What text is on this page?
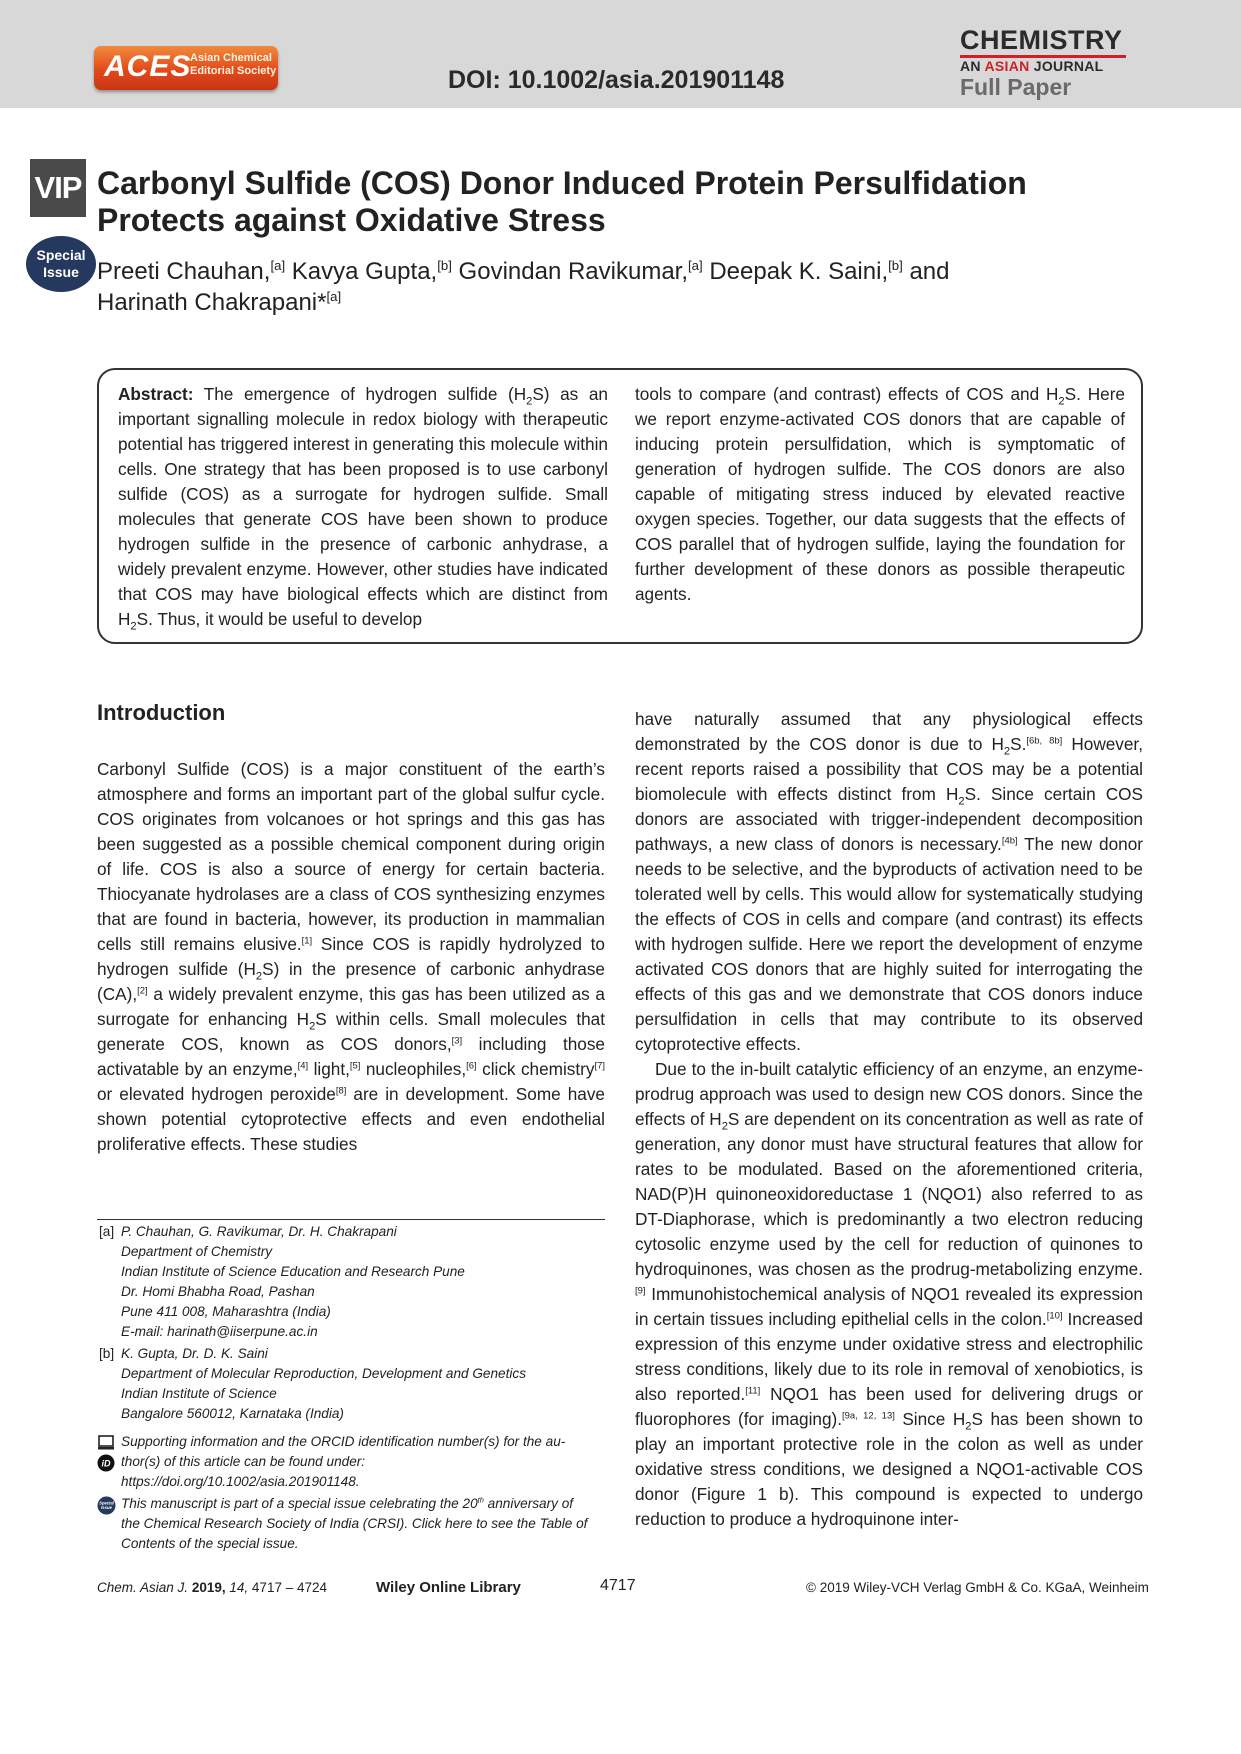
ACES
Asian Chemical
Editorial Society	DOI: 10.1002/asia.201901148
CHEMISTRY
AN ASIAN JOURNAL
Full Paper
VIP
Special
Issue
Carbonyl Sulfide (COS) Donor Induced Protein Persulfidation
Protects against Oxidative Stress
Preeti Chauhan,[a] Kavya Gupta,[b] Govindan Ravikumar,[a] Deepak K. Saini,[b] and
Harinath Chakrapani*[a]
Abstract: The emergence of hydrogen sulfide $(H_2S)$ as an important signalling molecule in redox biology with therapeutic potential has triggered interest in generating this molecule within cells. One strategy that has been proposed is to use carbonyl sulfide (COS) as a surrogate for hydrogen sulfide. Small molecules that generate COS have been shown to produce hydrogen sulfide in the presence of carbonic anhydrase, a widely prevalent enzyme. However, other studies have indicated that COS may have biological effects which are distinct from $H_2S$. Thus, it would be useful to develop
tools to compare (and contrast) effects of COS and $H_2S$. Here we report enzyme-activated COS donors that are capable of inducing protein persulfidation, which is symptomatic of generation of hydrogen sulfide. The COS donors are also capable of mitigating stress induced by elevated reactive oxygen species. Together, our data suggests that the effects of COS parallel that of hydrogen sulfide, laying the foundation for further development of these donors as possible therapeutic agents.
Introduction

Carbonyl Sulfide (COS) is a major constituent of the earth’s atmosphere and forms an important part of the global sulfur cycle. COS originates from volcanoes or hot springs and this gas has been suggested as a possible chemical component during origin of life. COS is also a source of energy for certain bacteria. Thiocyanate hydrolases are a class of COS synthesizing enzymes that are found in bacteria, however, its production in mammalian cells still remains elusive.[1] Since COS is rapidly hydrolyzed to hydrogen sulfide $(H_2S)$ in the presence of carbonic anhydrase (CA),[2] a widely prevalent enzyme, this gas has been utilized as a surrogate for enhancing $H_2S$ within cells. Small molecules that generate COS, known as COS donors,[3] including those activatable by an enzyme,[4] light,[5] nucleophiles,[6] click chemistry[7] or elevated hydrogen peroxide[8] are in development. Some have shown potential cytoprotective effects and even endothelial proliferative effects. These studies

have naturally assumed that any physiological effects demonstrated by the COS donor is due to $H_2S.[6b, 8b]$ However, recent reports raised a possibility that COS may be a potential biomolecule with effects distinct from $H_2S$. Since certain COS donors are associated with trigger-independent decomposition pathways, a new class of donors is necessary.[4b] The new donor needs to be selective, and the byproducts of activation need to be tolerated well by cells. This would allow for systematically studying the effects of COS in cells and compare (and contrast) its effects with hydrogen sulfide. Here we report the development of enzyme activated COS donors that are highly suited for interrogating the effects of this gas and we demonstrate that COS donors induce persulfidation in cells that may contribute to its observed cytoprotective effects.

Due to the in-built catalytic efficiency of an enzyme, an enzyme-prodrug approach was used to design new COS donors. Since the effects of $H_2S$ are dependent on its concentration as well as rate of generation, any donor must have structural features that allow for rates to be modulated. Based on the aforementioned criteria, NAD(P)H quinoneoxidoreductase 1 (NQO1) also referred to as DT-Diaphorase, which is predominantly a two electron reducing cytosolic enzyme used by the cell for reduction of quinones to hydroquinones, was chosen as the prodrug-metabolizing enzyme.[9] Immunohistochemical analysis of NQO1 revealed its expression in certain tissues including epithelial cells in the colon.[10] Increased expression of this enzyme under oxidative stress and electrophilic stress conditions, likely due to its role in removal of xenobiotics, is also reported.[11] NQO1 has been used for delivering drugs or fluorophores (for imaging).[9a, 12, 13] Since $H_2S$ has been shown to play an important protective role in the colon as well as under oxidative stress conditions, we designed a NQO1-activable COS donor (Figure 1 b). This compound is expected to undergo reduction to produce a hydroquinone inter-

[a] P. Chauhan, G. Ravikumar, Dr. H. Chakrapani
Department of Chemistry
Indian Institute of Science Education and Research Pune
Dr. Homi Bhabha Road, Pashan
Pune 411 008, Maharashtra (India)
E-mail: harinath@iiserpune.ac.in
[b] K. Gupta, Dr. D. K. Saini
Department of Molecular Reproduction, Development and Genetics
Indian Institute of Science
Bangalore 560012, Karnataka (India)
iD
Supporting information and the ORCID identification number(s) for the au-
thor(s) of this article can be found under:
https://doi.org/10.1002/asia.201901148.
Special
Issue This manuscript is part of a special issue celebrating the 20th anniversary of
the Chemical Research Society of India (CRSI). Click here to see the Table of
Contents of the special issue.
Chem. Asian J. 2019, 14, 4717 – 4724	Wiley Online Library	4717	© 2019 Wiley-VCH Verlag GmbH & Co. KGaA, Weinheim
